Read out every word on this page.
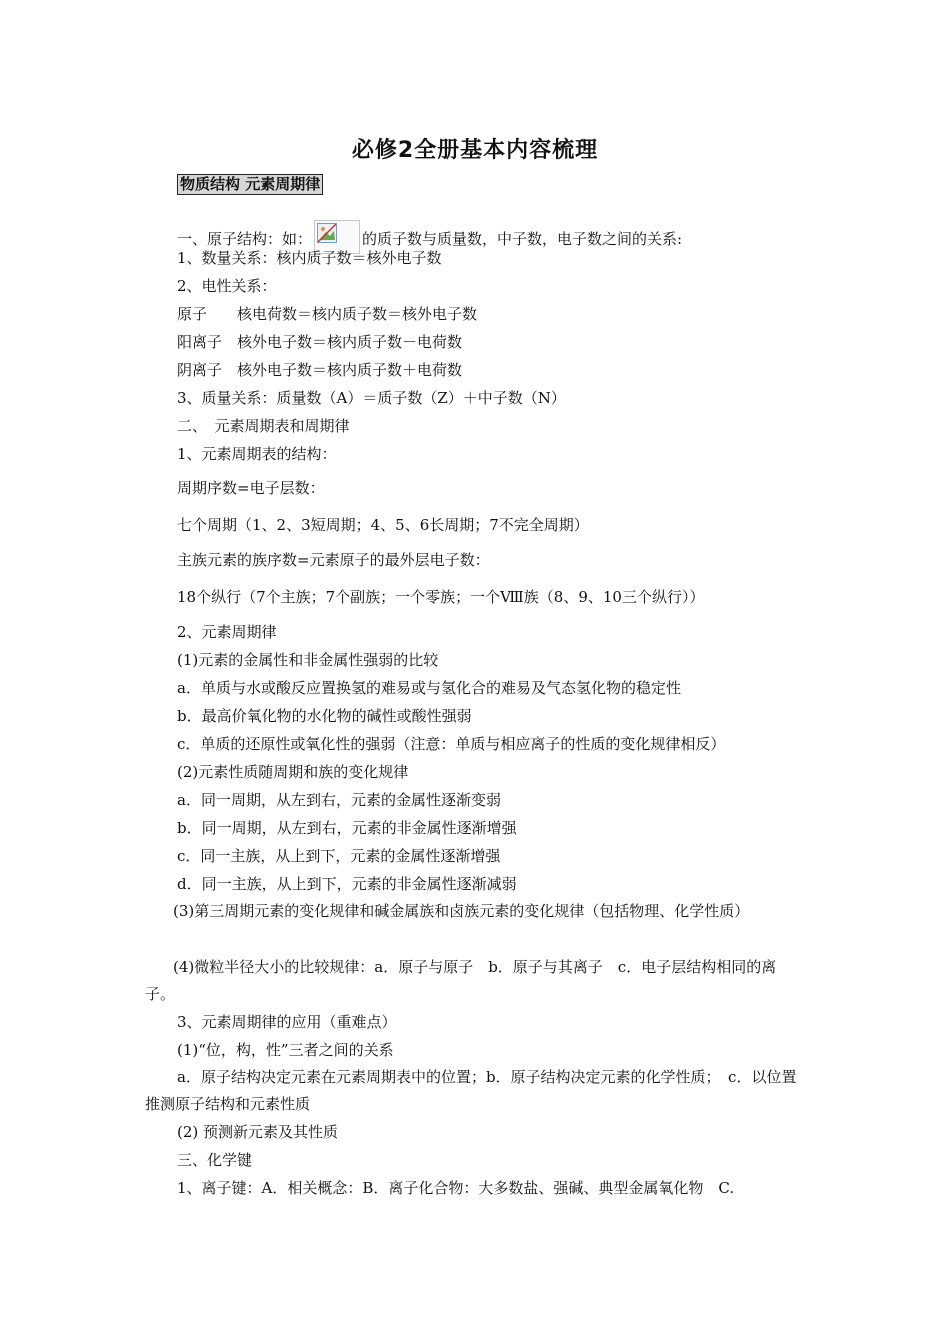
必修2全册基本内容梳理
物质结构 元素周期律
一、原子结构：如：	的质子数与质量数，中子数，电子数之间的关系:
1、数量关系：核内质子数＝核外电子数
2、电性关系：
原子　　核电荷数＝核内质子数＝核外电子数
阳离子　核外电子数＝核内质子数－电荷数
阴离子　核外电子数＝核内质子数＋电荷数
3、质量关系：质量数（A）＝质子数（Z）＋中子数（N）
二、　元素周期表和周期律
1、元素周期表的结构：
周期序数=电子层数：
七个周期（1、2、3短周期；4、5、6长周期；7不完全周期）
主族元素的族序数=元素原子的最外层电子数：
18个纵行（7个主族；7个副族；一个零族；一个Ⅷ族（8、9、10三个纵行））
2、元素周期律
(1)元素的金属性和非金属性强弱的比较
a．单质与水或酸反应置换氢的难易或与氢化合的难易及气态氢化物的稳定性
b．最高价氧化物的水化物的碱性或酸性强弱
c．单质的还原性或氧化性的强弱（注意：单质与相应离子的性质的变化规律相反）
(2)元素性质随周期和族的变化规律
a．同一周期，从左到右，元素的金属性逐渐变弱
b．同一周期，从左到右，元素的非金属性逐渐增强
c．同一主族，从上到下，元素的金属性逐渐增强
d．同一主族，从上到下，元素的非金属性逐渐减弱
(3)第三周期元素的变化规律和碱金属族和卤族元素的变化规律（包括物理、化学性质）
(4)微粒半径大小的比较规律：a．原子与原子　b．原子与其离子　c．电子层结构相同的离子。
3、元素周期律的应用（重难点）
(1)“位，构，性”三者之间的关系
a．原子结构决定元素在元素周期表中的位置；b．原子结构决定元素的化学性质；　c．以位置推测原子结构和元素性质
(2) 预测新元素及其性质
三、化学键
1、离子键：A．相关概念：B．离子化合物：大多数盐、强碱、典型金属氧化物　C.
